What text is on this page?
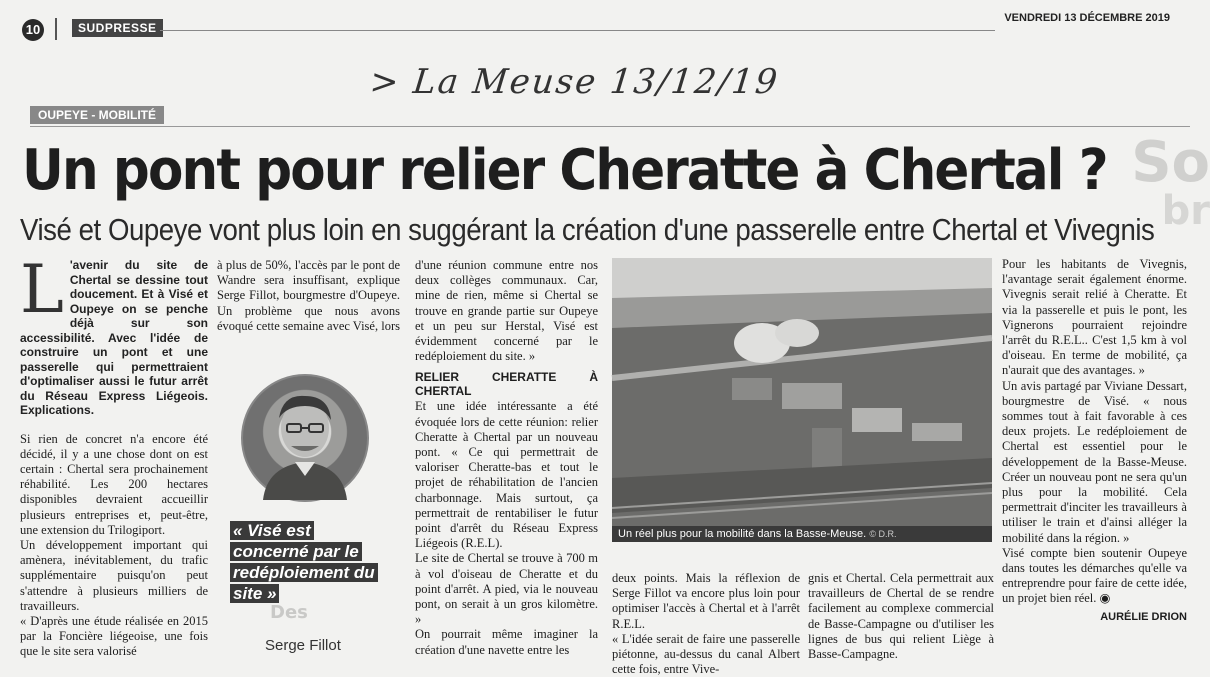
10	SUDPRESSE
VENDREDI 13 DÉCEMBRE 2019
> La Meuse 13/12/19
So
br
OUPEYE - MOBILITÉ
Un pont pour relier Cheratte à Chertal ?
Visé et Oupeye vont plus loin en suggérant la création d'une passerelle entre Chertal et Vivegnis

L 'avenir du site de Chertal se dessine tout doucement. Et à Visé et Oupeye on se penche déjà sur son accessibilité. Avec l'idée de construire un pont et une passerelle qui permettraient d'optimaliser aussi le futur arrêt du Réseau Express Liégeois. Explications.

Si rien de concret n'a encore été décidé, il y a une chose dont on est certain : Chertal sera prochainement réhabilité. Les 200 hectares disponibles devraient accueillir plusieurs entreprises et, peut-être, une extension du Trilogiport.

Un développement important qui amènera, inévitablement, du trafic supplémentaire puisqu'on peut s'attendre à plusieurs milliers de travailleurs.

« D'après une étude réalisée en 2015 par la Foncière liégeoise, une fois que le site sera valorisé

à plus de 50%, l'accès par le pont de Wandre sera insuffisant, explique Serge Fillot, bourgmestre d'Oupeye. Un problème que nous avons évoqué cette semaine avec Visé, lors

« Visé est concerné par le redéploiement du site »
Des
Serge Fillot

d'une réunion commune entre nos deux collèges communaux. Car, mine de rien, même si Chertal se trouve en grande partie sur Oupeye et un peu sur Herstal, Visé est évidemment concerné par le redéploiement du site. »

RELIER CHERATTE À CHERTAL

Et une idée intéressante a été évoquée lors de cette réunion: relier Cheratte à Chertal par un nouveau pont. « Ce qui permettrait de valoriser Cheratte-bas et tout le projet de réhabilitation de l'ancien charbonnage. Mais surtout, ça permettrait de rentabiliser le futur point d'arrêt du Réseau Express Liégeois (R.E.L).

Le site de Chertal se trouve à 700 m à vol d'oiseau de Cheratte et du point d'arrêt. A pied, via le nouveau pont, on serait à un gros kilomètre. »

On pourrait même imaginer la création d'une navette entre les

Un réel plus pour la mobilité dans la Basse-Meuse. © D.R.

deux points. Mais la réflexion de Serge Fillot va encore plus loin pour optimiser l'accès à Chertal et à l'arrêt R.E.L.

« L'idée serait de faire une passerelle piétonne, au-dessus du canal Albert cette fois, entre Vive-

gnis et Chertal. Cela permettrait aux travailleurs de Chertal de se rendre facilement au complexe commercial de Basse-Campagne ou d'utiliser les lignes de bus qui relient Liège à Basse-Campagne.

Pour les habitants de Vivegnis, l'avantage serait également énorme. Vivegnis serait relié à Cheratte. Et via la passerelle et puis le pont, les Vignerons pourraient rejoindre l'arrêt du R.E.L.. C'est 1,5 km à vol d'oiseau. En terme de mobilité, ça n'aurait que des avantages. »

Un avis partagé par Viviane Dessart, bourgmestre de Visé. « nous sommes tout à fait favorable à ces deux projets. Le redéploiement de Chertal est essentiel pour le développement de la Basse-Meuse. Créer un nouveau pont ne sera qu'un plus pour la mobilité. Cela permettrait d'inciter les travailleurs à utiliser le train et d'ainsi alléger la mobilité dans la région. »

Visé compte bien soutenir Oupeye dans toutes les démarches qu'elle va entreprendre pour faire de cette idée, un projet bien réel. ◉

AURÉLIE DRION
